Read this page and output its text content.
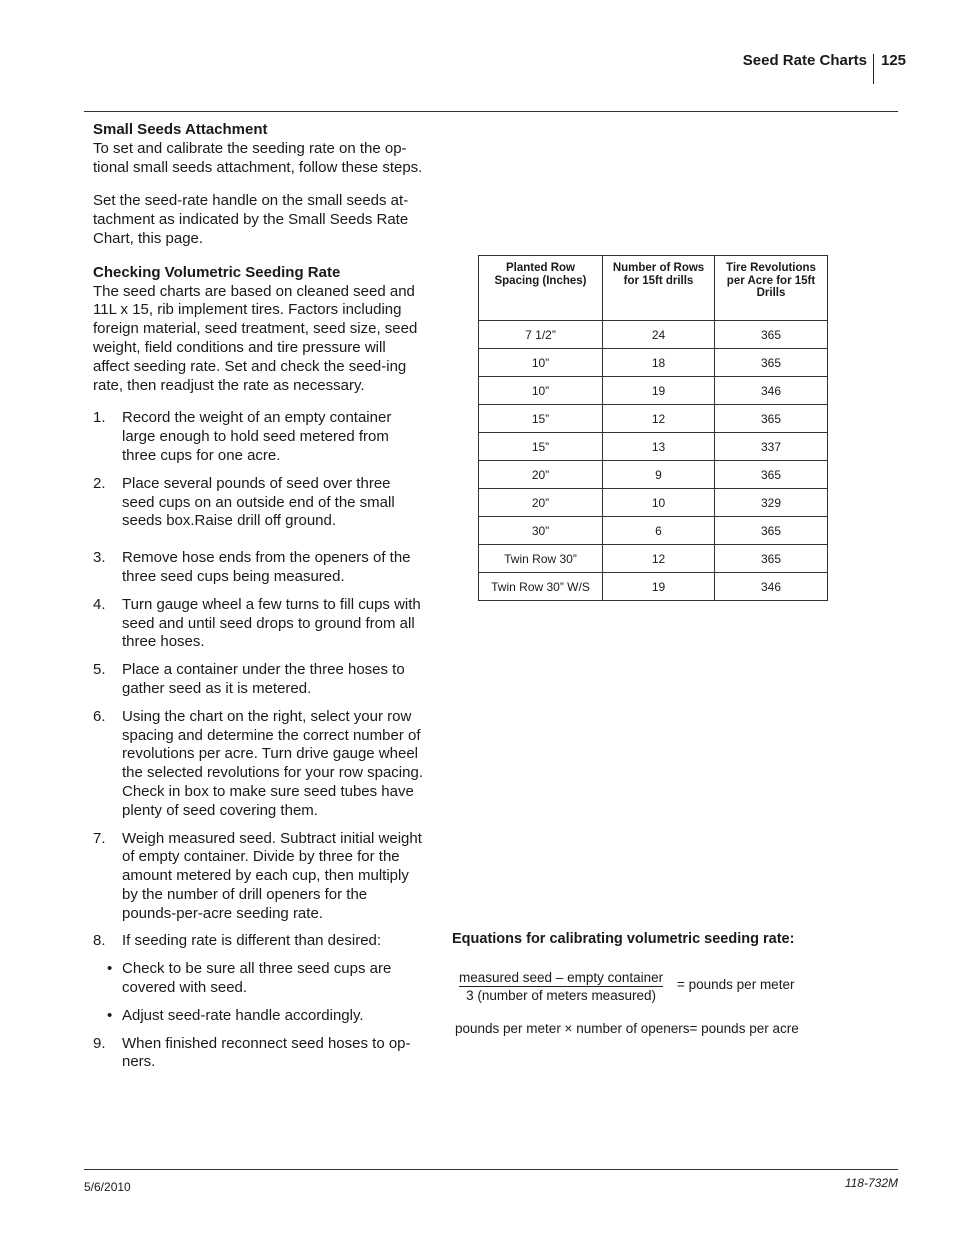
Seed Rate Charts 125
Small Seeds Attachment

To set and calibrate the seeding rate on the op-tional small seeds attachment, follow these steps.

Set the seed-rate handle on the small seeds at-tachment as indicated by the Small Seeds Rate Chart, this page.

Checking Volumetric Seeding Rate

The seed charts are based on cleaned seed and 11L x 15, rib implement tires. Factors including foreign material, seed treatment, seed size, seed weight, field conditions and tire pressure will affect seeding rate. Set and check the seed-ing rate, then readjust the rate as necessary.

1.	Record the weight of an empty container large enough to hold seed metered from three cups for one acre.
2.	Place several pounds of seed over three seed cups on an outside end of the small seeds box.Raise drill off ground.
3.	Remove hose ends from the openers of the three seed cups being measured.
4.	Turn gauge wheel a few turns to fill cups with seed and until seed drops to ground from all three hoses.
5.	Place a container under the three hoses to gather seed as it is metered.
6.	Using the chart on the right, select your row spacing and determine the correct number of revolutions per acre. Turn drive gauge wheel the selected revolutions for your row spacing. Check in box to make sure seed tubes have plenty of seed covering them.
7.	Weigh measured seed. Subtract initial weight of empty container. Divide by three for the amount metered by each cup, then multiply by the number of drill openers for the pounds-per-acre seeding rate.
8.	If seeding rate is different than desired:
• Check to be sure all three seed cups are covered with seed.
• Adjust seed-rate handle accordingly.
9.	When finished reconnect seed hoses to op-ners.
Planted Row Spacing (Inches)	Number of Rows for 15ft drills	Tire Revolutions per Acre for 15ft Drills
7 1/2”	24	365
10”	18	365
10”	19	346
15”	12	365
15”	13	337
20”	9	365
20”	10	329
30”	6	365
Twin Row 30”	12	365
Twin Row 30” W/S	19	346
Equations for calibrating volumetric seeding rate:
$\frac{\text{measured seed – empty container}}{\text{3 (number of meters measured)}}$ = pounds per meter
pounds per meter × number of openers= pounds per acre
5/6/2010	118-732M
